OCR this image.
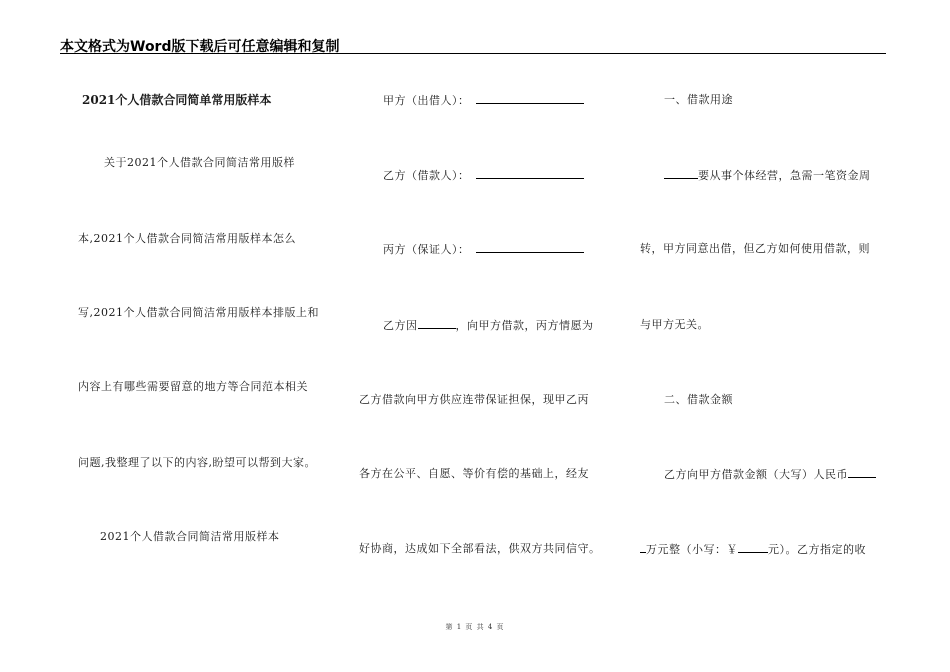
本文格式为Word版下载后可任意编辑和复制
2021个人借款合同简单常用版样本
关于2021个人借款合同简洁常用版样
本,2021个人借款合同简洁常用版样本怎么
写,2021个人借款合同简洁常用版样本排版上和
内容上有哪些需要留意的地方等合同范本相关
问题,我整理了以下的内容,盼望可以帮到大家。
2021个人借款合同简洁常用版样本
甲方（出借人）：
乙方（借款人）：
丙方（保证人）：
乙方因	，向甲方借款，丙方情愿为
乙方借款向甲方供应连带保证担保，现甲乙丙
各方在公平、自愿、等价有偿的基础上，经友
好协商，达成如下全部看法，供双方共同信守。
一、借款用途
要从事个体经营，急需一笔资金周
转，甲方同意出借，但乙方如何使用借款，则
与甲方无关。
二、借款金额
乙方向甲方借款金额（大写）人民币
万元整（小写：￥	元）。乙方指定的收
第 1 页 共 4 页
